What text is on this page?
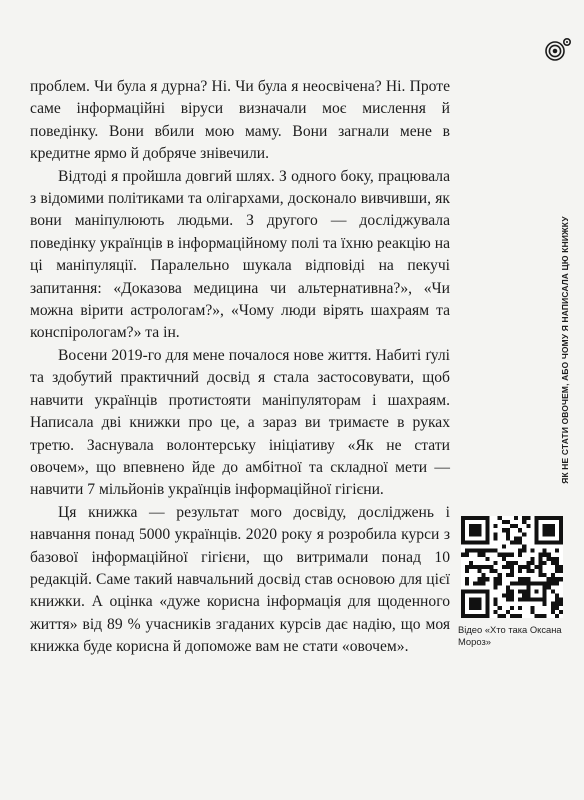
ЯК НЕ СТАТИ ОВОЧЕМ, АБО ЧОМУ Я НАПИСАЛА ЦЮ КНИЖКУ

проблем. Чи була я дурна? Ні. Чи була я неосвічена? Ні. Проте саме інформаційні віруси визначали моє мислення й поведінку. Вони вбили мою маму. Вони загнали мене в кредитне ярмо й добряче знівечили.

Відтоді я пройшла довгий шлях. З одного боку, працювала з відомими політиками та олігархами, досконало вивчивши, як вони маніпулюють людьми. З другого — досліджувала поведінку українців в інформаційному полі та їхню реакцію на ці маніпуляції. Паралельно шукала відповіді на пекучі запитання: «Доказова медицина чи альтернативна?», «Чи можна вірити астрологам?», «Чому люди вірять шахраям та конспірологам?» та ін.

Восени 2019-го для мене почалося нове життя. Набиті ґулі та здобутий практичний досвід я стала застосовувати, щоб навчити українців протистояти маніпуляторам і шахраям. Написала дві книжки про це, а зараз ви тримаєте в руках третю. Заснувала волонтерську ініціативу «Як не стати овочем», що впевнено йде до амбітної та складної мети — навчити 7 мільйонів українців інформаційної гігієни.

Ця книжка — результат мого досвіду, досліджень і навчання понад 5000 українців. 2020 року я розробила курси з базової інформаційної гігієни, що витримали понад 10 редакцій. Саме такий навчальний досвід став основою для цієї книжки. А оцінка «дуже корисна інформація для щоденного життя» від 89 % учасників згаданих курсів дає надію, що моя книжка буде корисна й допоможе вам не стати «овочем».

Відео «Хто така Оксана Мороз»
